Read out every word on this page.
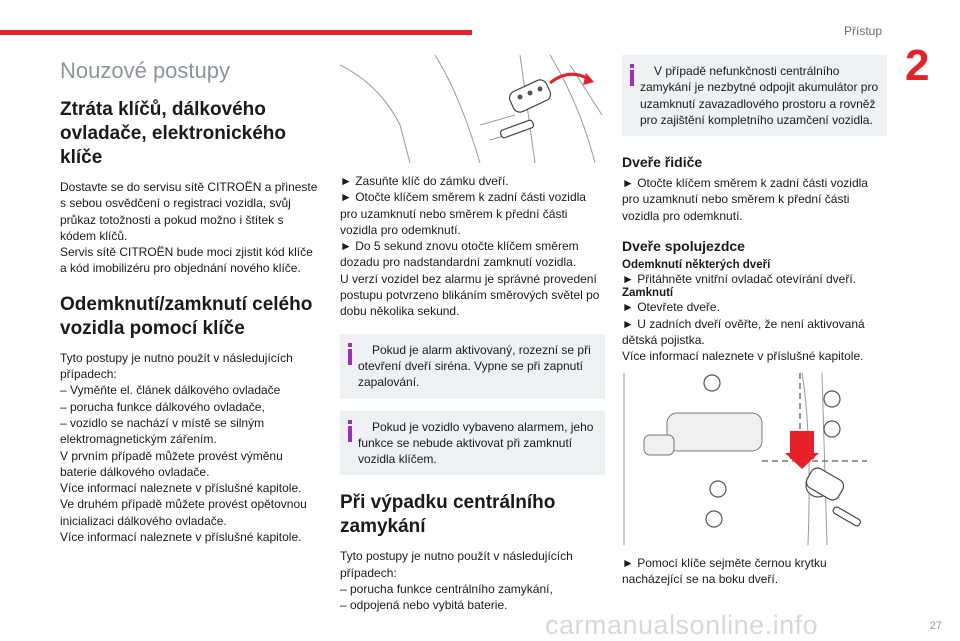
Přístup
2
Nouzové postupy
Ztráta klíčů, dálkového ovladače, elektronického klíče

Dostavte se do servisu sítě CITROËN a přineste s sebou osvědčení o registraci vozidla, svůj průkaz totožnosti a pokud možno i štítek s kódem klíčů.
Servis sítě CITROËN bude moci zjistit kód klíče a kód imobilizéru pro objednání nového klíče.

Odemknutí/zamknutí celého vozidla pomocí klíče

Tyto postupy je nutno použít v následujících případech:
– Vyměňte el. článek dálkového ovladače
– porucha funkce dálkového ovladače,
– vozidlo se nachází v místě se silným elektromagnetickým zářením.
V prvním případě můžete provést výměnu baterie dálkového ovladače.
Více informací naleznete v příslušné kapitole.
Ve druhém případě můžete provést opětovnou inicializaci dálkového ovladače.
Více informací naleznete v příslušné kapitole.

► Zasuňte klíč do zámku dveří.
► Otočte klíčem směrem k zadní části vozidla pro uzamknutí nebo směrem k přední části vozidla pro odemknutí.
► Do 5 sekund znovu otočte klíčem směrem dozadu pro nadstandardní zamknutí vozidla.
U verzí vozidel bez alarmu je správné provedení postupu potvrzeno blikáním směrových světel po dobu několika sekund.

Pokud je alarm aktivovaný, rozezní se při otevření dveří siréna. Vypne se při zapnutí zapalování.

Pokud je vozidlo vybaveno alarmem, jeho funkce se nebude aktivovat při zamknutí vozidla klíčem.

Při výpadku centrálního zamykání

Tyto postupy je nutno použít v následujících případech:
– porucha funkce centrálního zamykání,
– odpojená nebo vybitá baterie.

V případě nefunkčnosti centrálního zamykání je nezbytné odpojit akumulátor pro uzamknutí zavazadlového prostoru a rovněž pro zajištění kompletního uzamčení vozidla.

Dveře řidiče

► Otočte klíčem směrem k zadní části vozidla pro uzamknutí nebo směrem k přední části vozidla pro odemknutí.

Dveře spolujezdce
Odemknutí některých dveří

► Přitáhněte vnitřní ovladač otevírání dveří.

Zamknutí

► Otevřete dveře.
► U zadních dveří ověřte, že není aktivovaná dětská pojistka.
Více informací naleznete v příslušné kapitole.

► Pomocí klíče sejměte černou krytku nacházející se na boku dveří.

carmanualsonline.info	27
